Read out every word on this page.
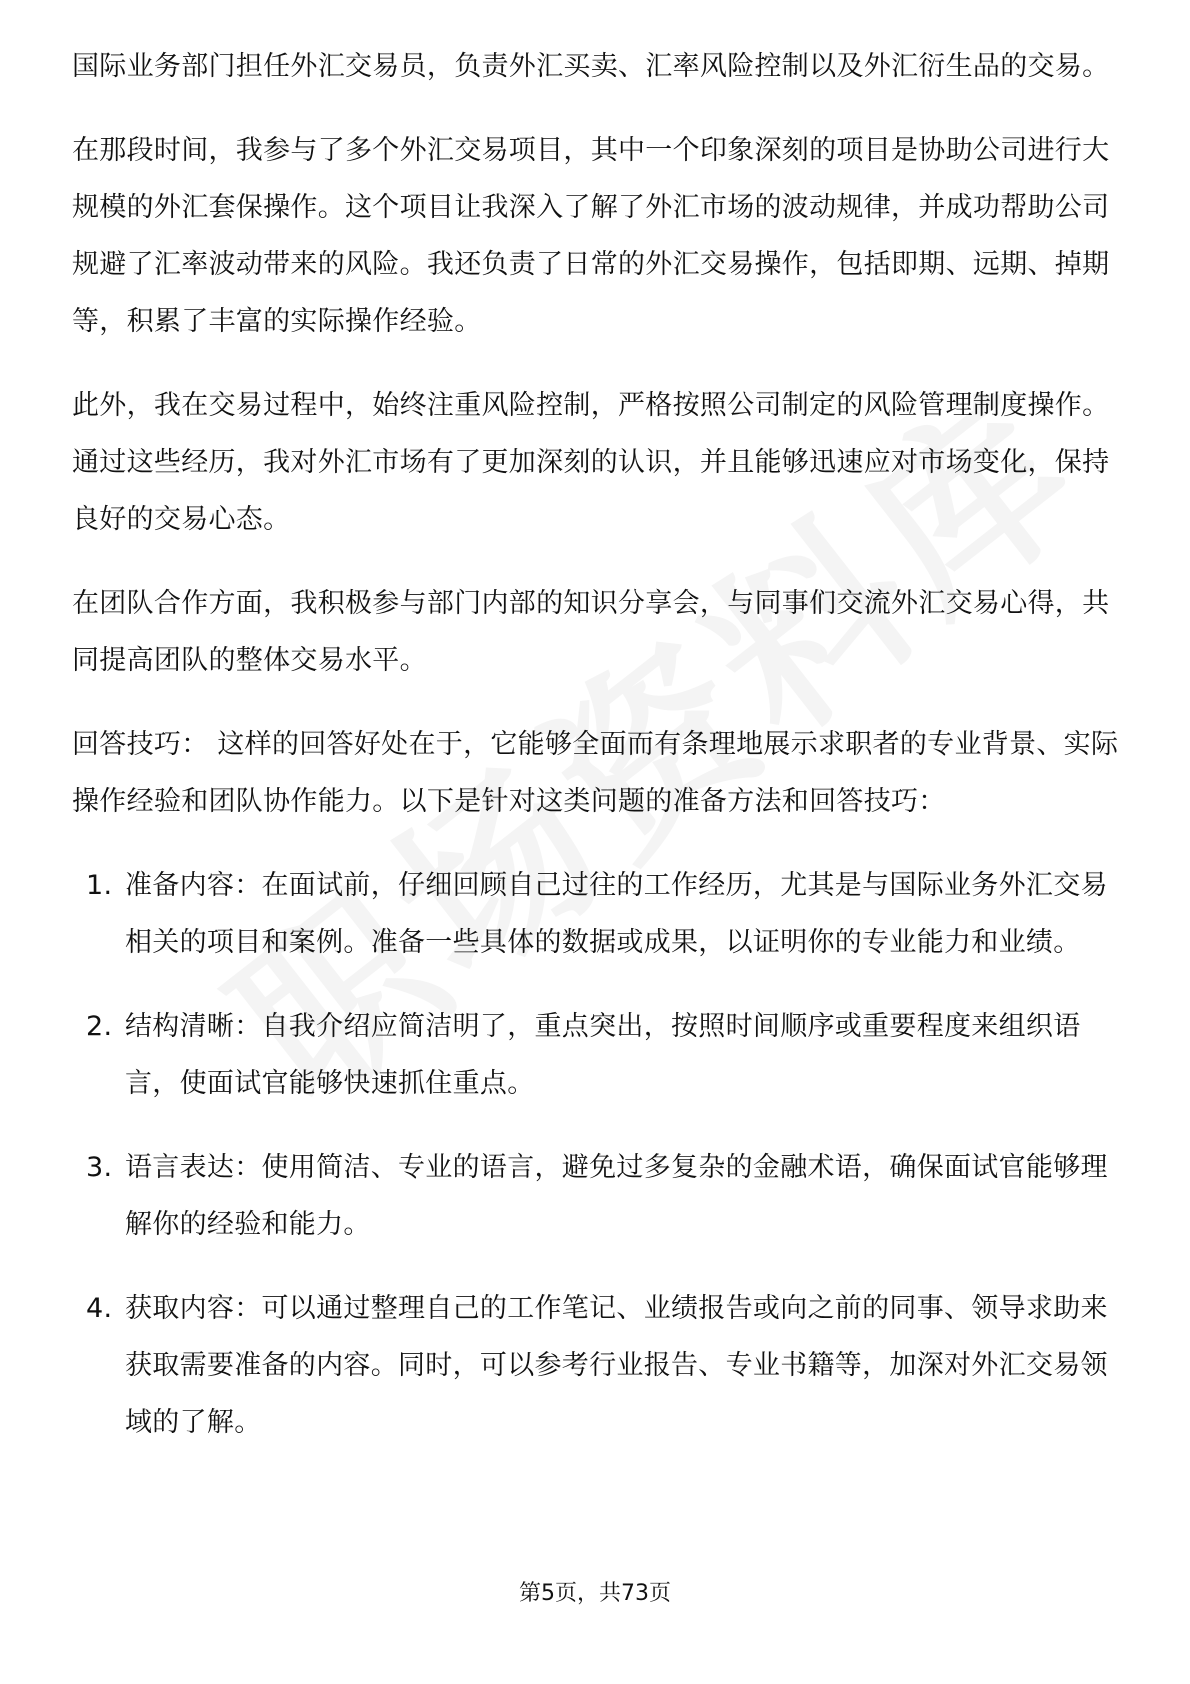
国际业务部门担任外汇交易员，负责外汇买卖、汇率风险控制以及外汇衍生品的交易。

在那段时间，我参与了多个外汇交易项目，其中一个印象深刻的项目是协助公司进行大规模的外汇套保操作。这个项目让我深入了解了外汇市场的波动规律，并成功帮助公司规避了汇率波动带来的风险。我还负责了日常的外汇交易操作，包括即期、远期、掉期等，积累了丰富的实际操作经验。

此外，我在交易过程中，始终注重风险控制，严格按照公司制定的风险管理制度操作。通过这些经历，我对外汇市场有了更加深刻的认识，并且能够迅速应对市场变化，保持良好的交易心态。

在团队合作方面，我积极参与部门内部的知识分享会，与同事们交流外汇交易心得，共同提高团队的整体交易水平。

回答技巧： 这样的回答好处在于，它能够全面而有条理地展示求职者的专业背景、实际操作经验和团队协作能力。以下是针对这类问题的准备方法和回答技巧：

1. 准备内容：在面试前，仔细回顾自己过往的工作经历，尤其是与国际业务外汇交易相关的项目和案例。准备一些具体的数据或成果，以证明你的专业能力和业绩。
2. 结构清晰：自我介绍应简洁明了，重点突出，按照时间顺序或重要程度来组织语言，使面试官能够快速抓住重点。
3. 语言表达：使用简洁、专业的语言，避免过多复杂的金融术语，确保面试官能够理解你的经验和能力。
4. 获取内容：可以通过整理自己的工作笔记、业绩报告或向之前的同事、领导求助来获取需要准备的内容。同时，可以参考行业报告、专业书籍等，加深对外汇交易领域的了解。
第5页，共73页
